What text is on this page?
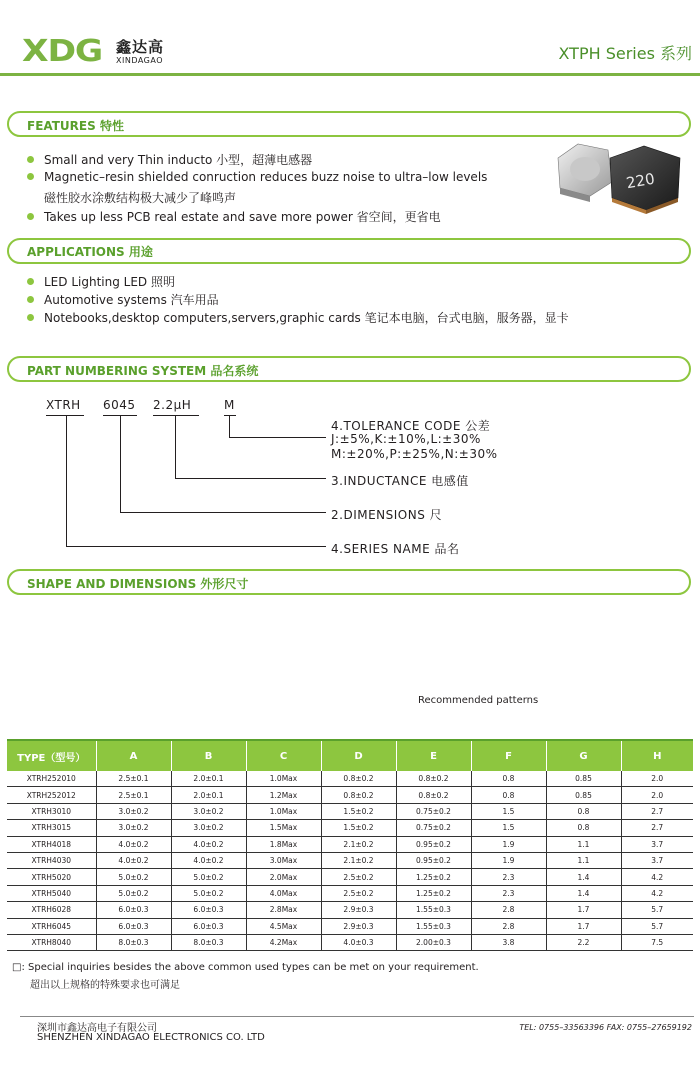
XDG 鑫达高
XINDAGAO	XTPH Series 系列
FEATURES 特性
Small and very Thin inducto 小型，超薄电感器
Magnetic–resin shielded conruction reduces buzz noise to ultra–low levels
磁性胶水涂敷结构极大减少了峰鸣声
Takes up less PCB real estate and save more power 省空间，更省电
220
APPLICATIONS 用途
LED Lighting LED 照明
Automotive systems 汽车用品
Notebooks,desktop computers,servers,graphic cards 笔记本电脑，台式电脑，服务器，显卡
PART NUMBERING SYSTEM 品名系统
XTRH 6045 2.2μH	M
4.TOLERANCE CODE 公差
J:±5%,K:±10%,L:±30%
M:±20%,P:±25%,N:±30%
3.INDUCTANCE 电感值
2.DIMENSIONS 尺
4.SERIES NAME 品名
SHAPE AND DIMENSIONS 外形尺寸
Recommended patterns
TYPE（型号）	A	B	C	D	E	F	G	H
XTRH252010	2.5±0.1	2.0±0.1	1.0Max	0.8±0.2	0.8±0.2	0.8	0.85	2.0
XTRH252012	2.5±0.1	2.0±0.1	1.2Max	0.8±0.2	0.8±0.2	0.8	0.85	2.0
XTRH3010	3.0±0.2	3.0±0.2	1.0Max	1.5±0.2	0.75±0.2	1.5	0.8	2.7
XTRH3015	3.0±0.2	3.0±0.2	1.5Max	1.5±0.2	0.75±0.2	1.5	0.8	2.7
XTRH4018	4.0±0.2	4.0±0.2	1.8Max	2.1±0.2	0.95±0.2	1.9	1.1	3.7
XTRH4030	4.0±0.2	4.0±0.2	3.0Max	2.1±0.2	0.95±0.2	1.9	1.1	3.7
XTRH5020	5.0±0.2	5.0±0.2	2.0Max	2.5±0.2	1.25±0.2	2.3	1.4	4.2
XTRH5040	5.0±0.2	5.0±0.2	4.0Max	2.5±0.2	1.25±0.2	2.3	1.4	4.2
XTRH6028	6.0±0.3	6.0±0.3	2.8Max	2.9±0.3	1.55±0.3	2.8	1.7	5.7
XTRH6045	6.0±0.3	6.0±0.3	4.5Max	2.9±0.3	1.55±0.3	2.8	1.7	5.7
XTRH8040	8.0±0.3	8.0±0.3	4.2Max	4.0±0.3	2.00±0.3	3.8	2.2	7.5
□: Special inquiries besides the above common used types can be met on your requirement.
超出以上规格的特殊要求也可满足
深圳市鑫达高电子有限公司
SHENZHEN XINDAGAO ELECTRONICS CO. LTD
TEL: 0755–33563396 FAX: 0755–27659192
